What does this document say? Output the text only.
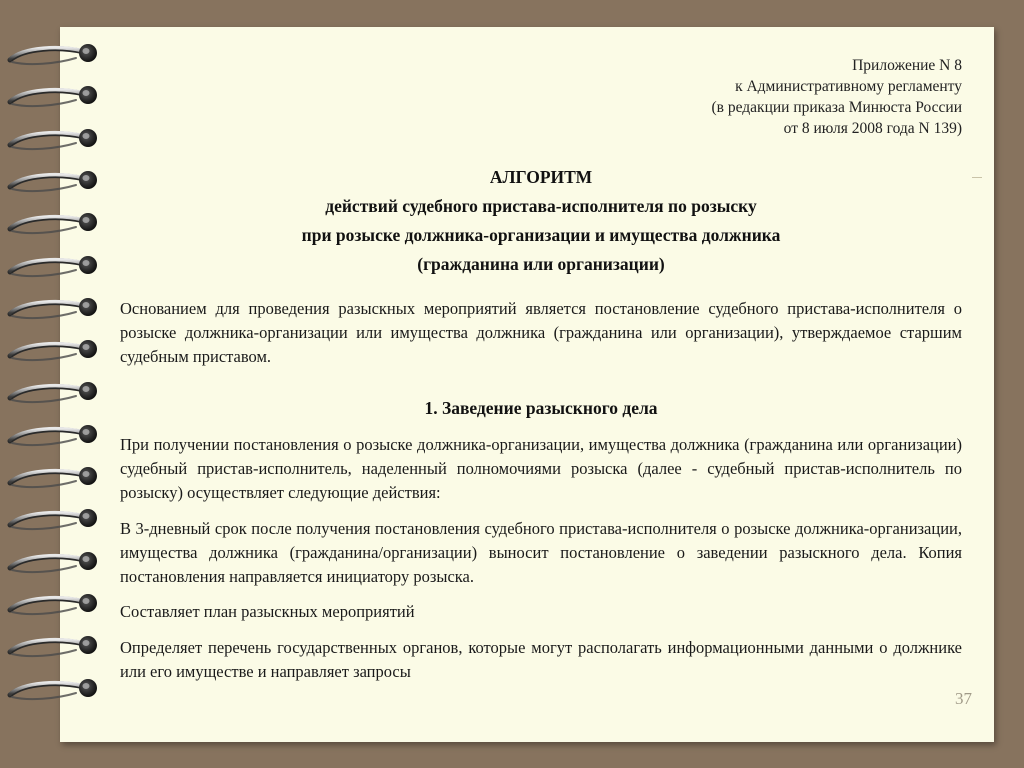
Приложение N 8
к Административному регламенту
(в редакции приказа Минюста России
от 8 июля 2008 года N 139)
АЛГОРИТМ
действий судебного пристава-исполнителя по розыску
при розыске должника-организации и имущества должника
(гражданина или организации)

Основанием для проведения разыскных мероприятий является постановление судебного пристава-исполнителя о розыске должника-организации или имущества должника (гражданина или организации), утверждаемое старшим судебным приставом.

1. Заведение разыскного дела

При получении постановления о розыске должника-организации, имущества должника (гражданина или организации) судебный пристав-исполнитель, наделенный полномочиями розыска (далее - судебный пристав-исполнитель по розыску) осуществляет следующие действия:

В 3-дневный срок после получения постановления судебного пристава-исполнителя о розыске должника-организации, имущества должника (гражданина/организации) выносит постановление о заведении разыскного дела. Копия постановления направляется инициатору розыска.

Составляет план разыскных мероприятий

Определяет перечень государственных органов, которые могут располагать информационными данными о должнике или его имуществе и направляет запросы

37
